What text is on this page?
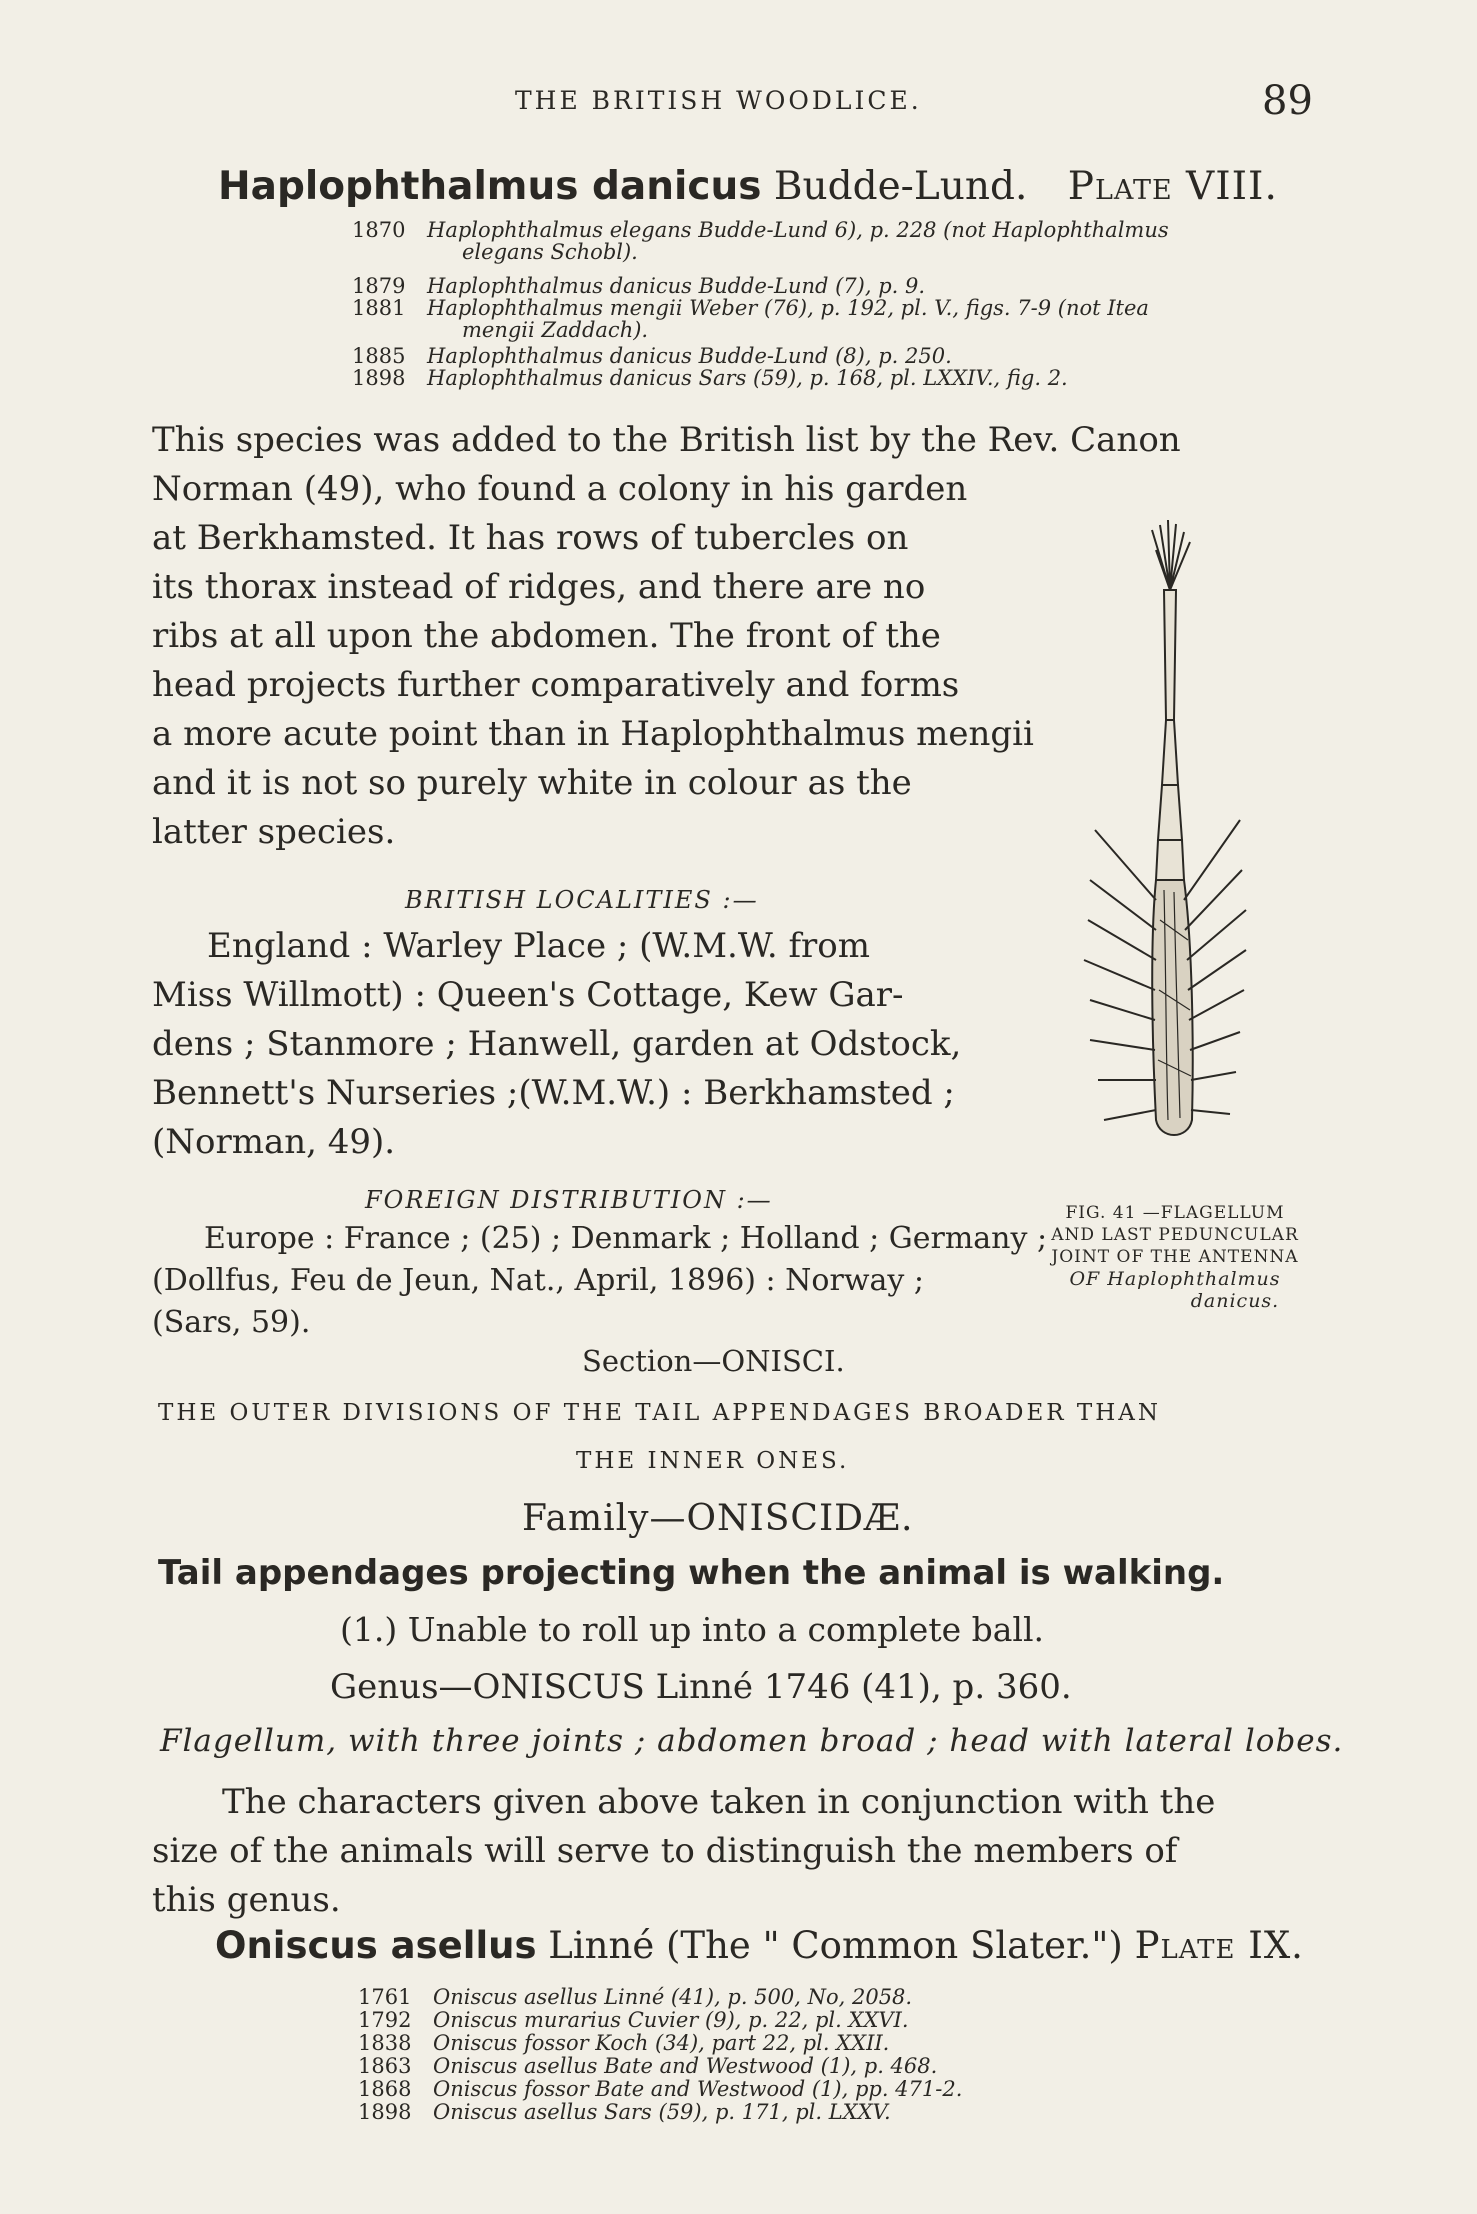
THE BRITISH WOODLICE.	89
Haplophthalmus danicus Budde-Lund. Plate VIII.
1870	Haplophthalmus elegans Budde-Lund 6), p. 228 (not Haplophthalmus
elegans Schobl).
1879	Haplophthalmus danicus Budde-Lund (7), p. 9.
1881	Haplophthalmus mengii Weber (76), p. 192, pl. V., figs. 7-9 (not Itea
mengii Zaddach).
1885	Haplophthalmus danicus Budde-Lund (8), p. 250.
1898	Haplophthalmus danicus Sars (59), p. 168, pl. LXXIV., fig. 2.
This species was added to the British list by the Rev. Canon
Norman (49), who found a colony in his garden
at Berkhamsted. It has rows of tubercles on
its thorax instead of ridges, and there are no
ribs at all upon the abdomen. The front of the
head projects further comparatively and forms
a more acute point than in Haplophthalmus mengii
and it is not so purely white in colour as the
latter species.
BRITISH LOCALITIES :—
England : Warley Place ; (W.M.W. from
Miss Willmott) : Queen's Cottage, Kew Gar-
dens ; Stanmore ; Hanwell, garden at Odstock,
Bennett's Nurseries ;(W.M.W.) : Berkhamsted ;
(Norman, 49).
FOREIGN DISTRIBUTION :—
Europe : France ; (25) ; Denmark ; Holland ; Germany ;
(Dollfus, Feu de Jeun, Nat., April, 1896) : Norway ;
(Sars, 59).
FIG. 41 —FLAGELLUM
AND LAST PEDUNCULAR
JOINT OF THE ANTENNA
OF Haplophthalmus
danicus.
Section—ONISCI.
THE OUTER DIVISIONS OF THE TAIL APPENDAGES BROADER THAN
THE INNER ONES.
Family—ONISCIDÆ.
Tail appendages projecting when the animal is walking.
(1.) Unable to roll up into a complete ball.
Genus—ONISCUS Linné 1746 (41), p. 360.
Flagellum, with three joints ; abdomen broad ; head with lateral lobes.
The characters given above taken in conjunction with the
size of the animals will serve to distinguish the members of
this genus.
Oniscus asellus Linné (The " Common Slater.") Plate IX.
1761	Oniscus asellus Linné (41), p. 500, No, 2058.
1792	Oniscus murarius Cuvier (9), p. 22, pl. XXVI.
1838	Oniscus fossor Koch (34), part 22, pl. XXII.
1863	Oniscus asellus Bate and Westwood (1), p. 468.
1868	Oniscus fossor Bate and Westwood (1), pp. 471-2.
1898	Oniscus asellus Sars (59), p. 171, pl. LXXV.
